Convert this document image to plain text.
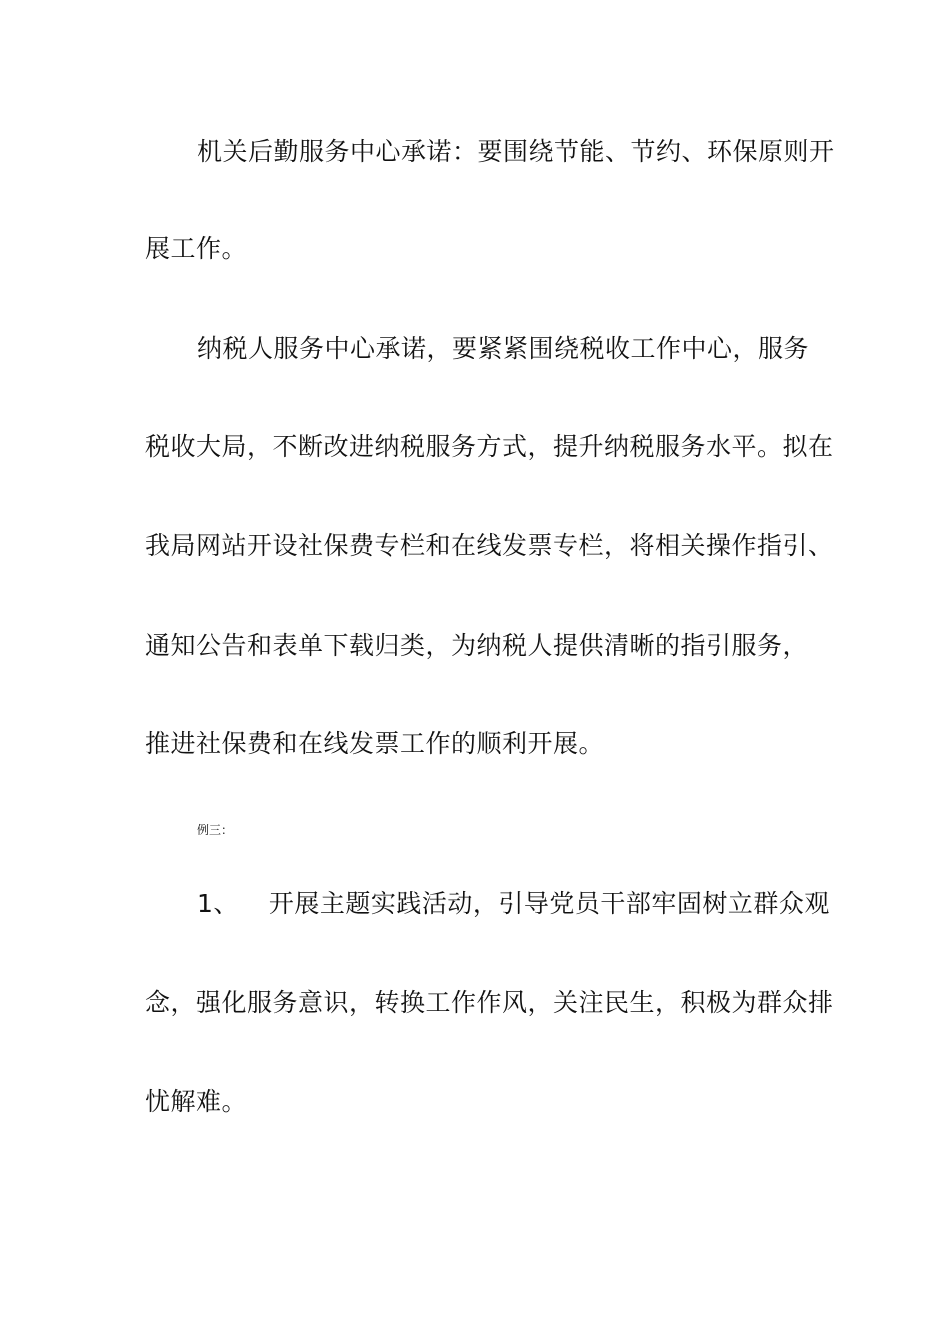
机关后勤服务中心承诺：要围绕节能、节约、环保原则开
展工作。
纳税人服务中心承诺，要紧紧围绕税收工作中心，服务
税收大局，不断改进纳税服务方式，提升纳税服务水平。拟在
我局网站开设社保费专栏和在线发票专栏，将相关操作指引、
通知公告和表单下载归类，为纳税人提供清晰的指引服务，
推进社保费和在线发票工作的顺利开展。
例三：
1、 开展主题实践活动，引导党员干部牢固树立群众观
念，强化服务意识，转换工作作风，关注民生，积极为群众排
忧解难。
